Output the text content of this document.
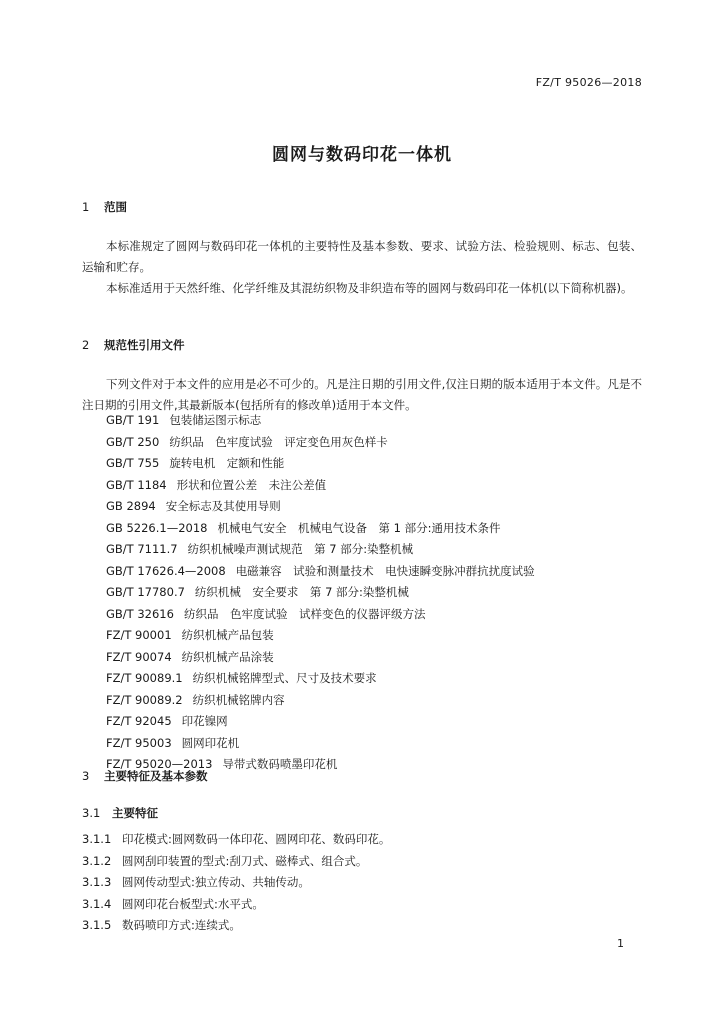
FZ/T 95026—2018
圆网与数码印花一体机
1 范围
本标准规定了圆网与数码印花一体机的主要特性及基本参数、要求、试验方法、检验规则、标志、包装、运输和贮存。
本标准适用于天然纤维、化学纤维及其混纺织物及非织造布等的圆网与数码印花一体机(以下简称机器)。
2 规范性引用文件
下列文件对于本文件的应用是必不可少的。凡是注日期的引用文件,仅注日期的版本适用于本文件。凡是不注日期的引用文件,其最新版本(包括所有的修改单)适用于本文件。
GB/T 191 包装储运图示标志
GB/T 250 纺织品　色牢度试验　评定变色用灰色样卡
GB/T 755 旋转电机　定额和性能
GB/T 1184 形状和位置公差　未注公差值
GB 2894 安全标志及其使用导则
GB 5226.1—2018 机械电气安全　机械电气设备　第 1 部分:通用技术条件
GB/T 7111.7 纺织机械噪声测试规范　第 7 部分:染整机械
GB/T 17626.4—2008 电磁兼容　试验和测量技术　电快速瞬变脉冲群抗扰度试验
GB/T 17780.7 纺织机械　安全要求　第 7 部分:染整机械
GB/T 32616 纺织品　色牢度试验　试样变色的仪器评级方法
FZ/T 90001 纺织机械产品包装
FZ/T 90074 纺织机械产品涂装
FZ/T 90089.1 纺织机械铭牌型式、尺寸及技术要求
FZ/T 90089.2 纺织机械铭牌内容
FZ/T 92045 印花镍网
FZ/T 95003 圆网印花机
FZ/T 95020—2013 导带式数码喷墨印花机
3 主要特征及基本参数
3.1 主要特征
3.1.1 印花模式:圆网数码一体印花、圆网印花、数码印花。
3.1.2 圆网刮印装置的型式:刮刀式、磁棒式、组合式。
3.1.3 圆网传动型式:独立传动、共轴传动。
3.1.4 圆网印花台板型式:水平式。
3.1.5 数码喷印方式:连续式。
1
